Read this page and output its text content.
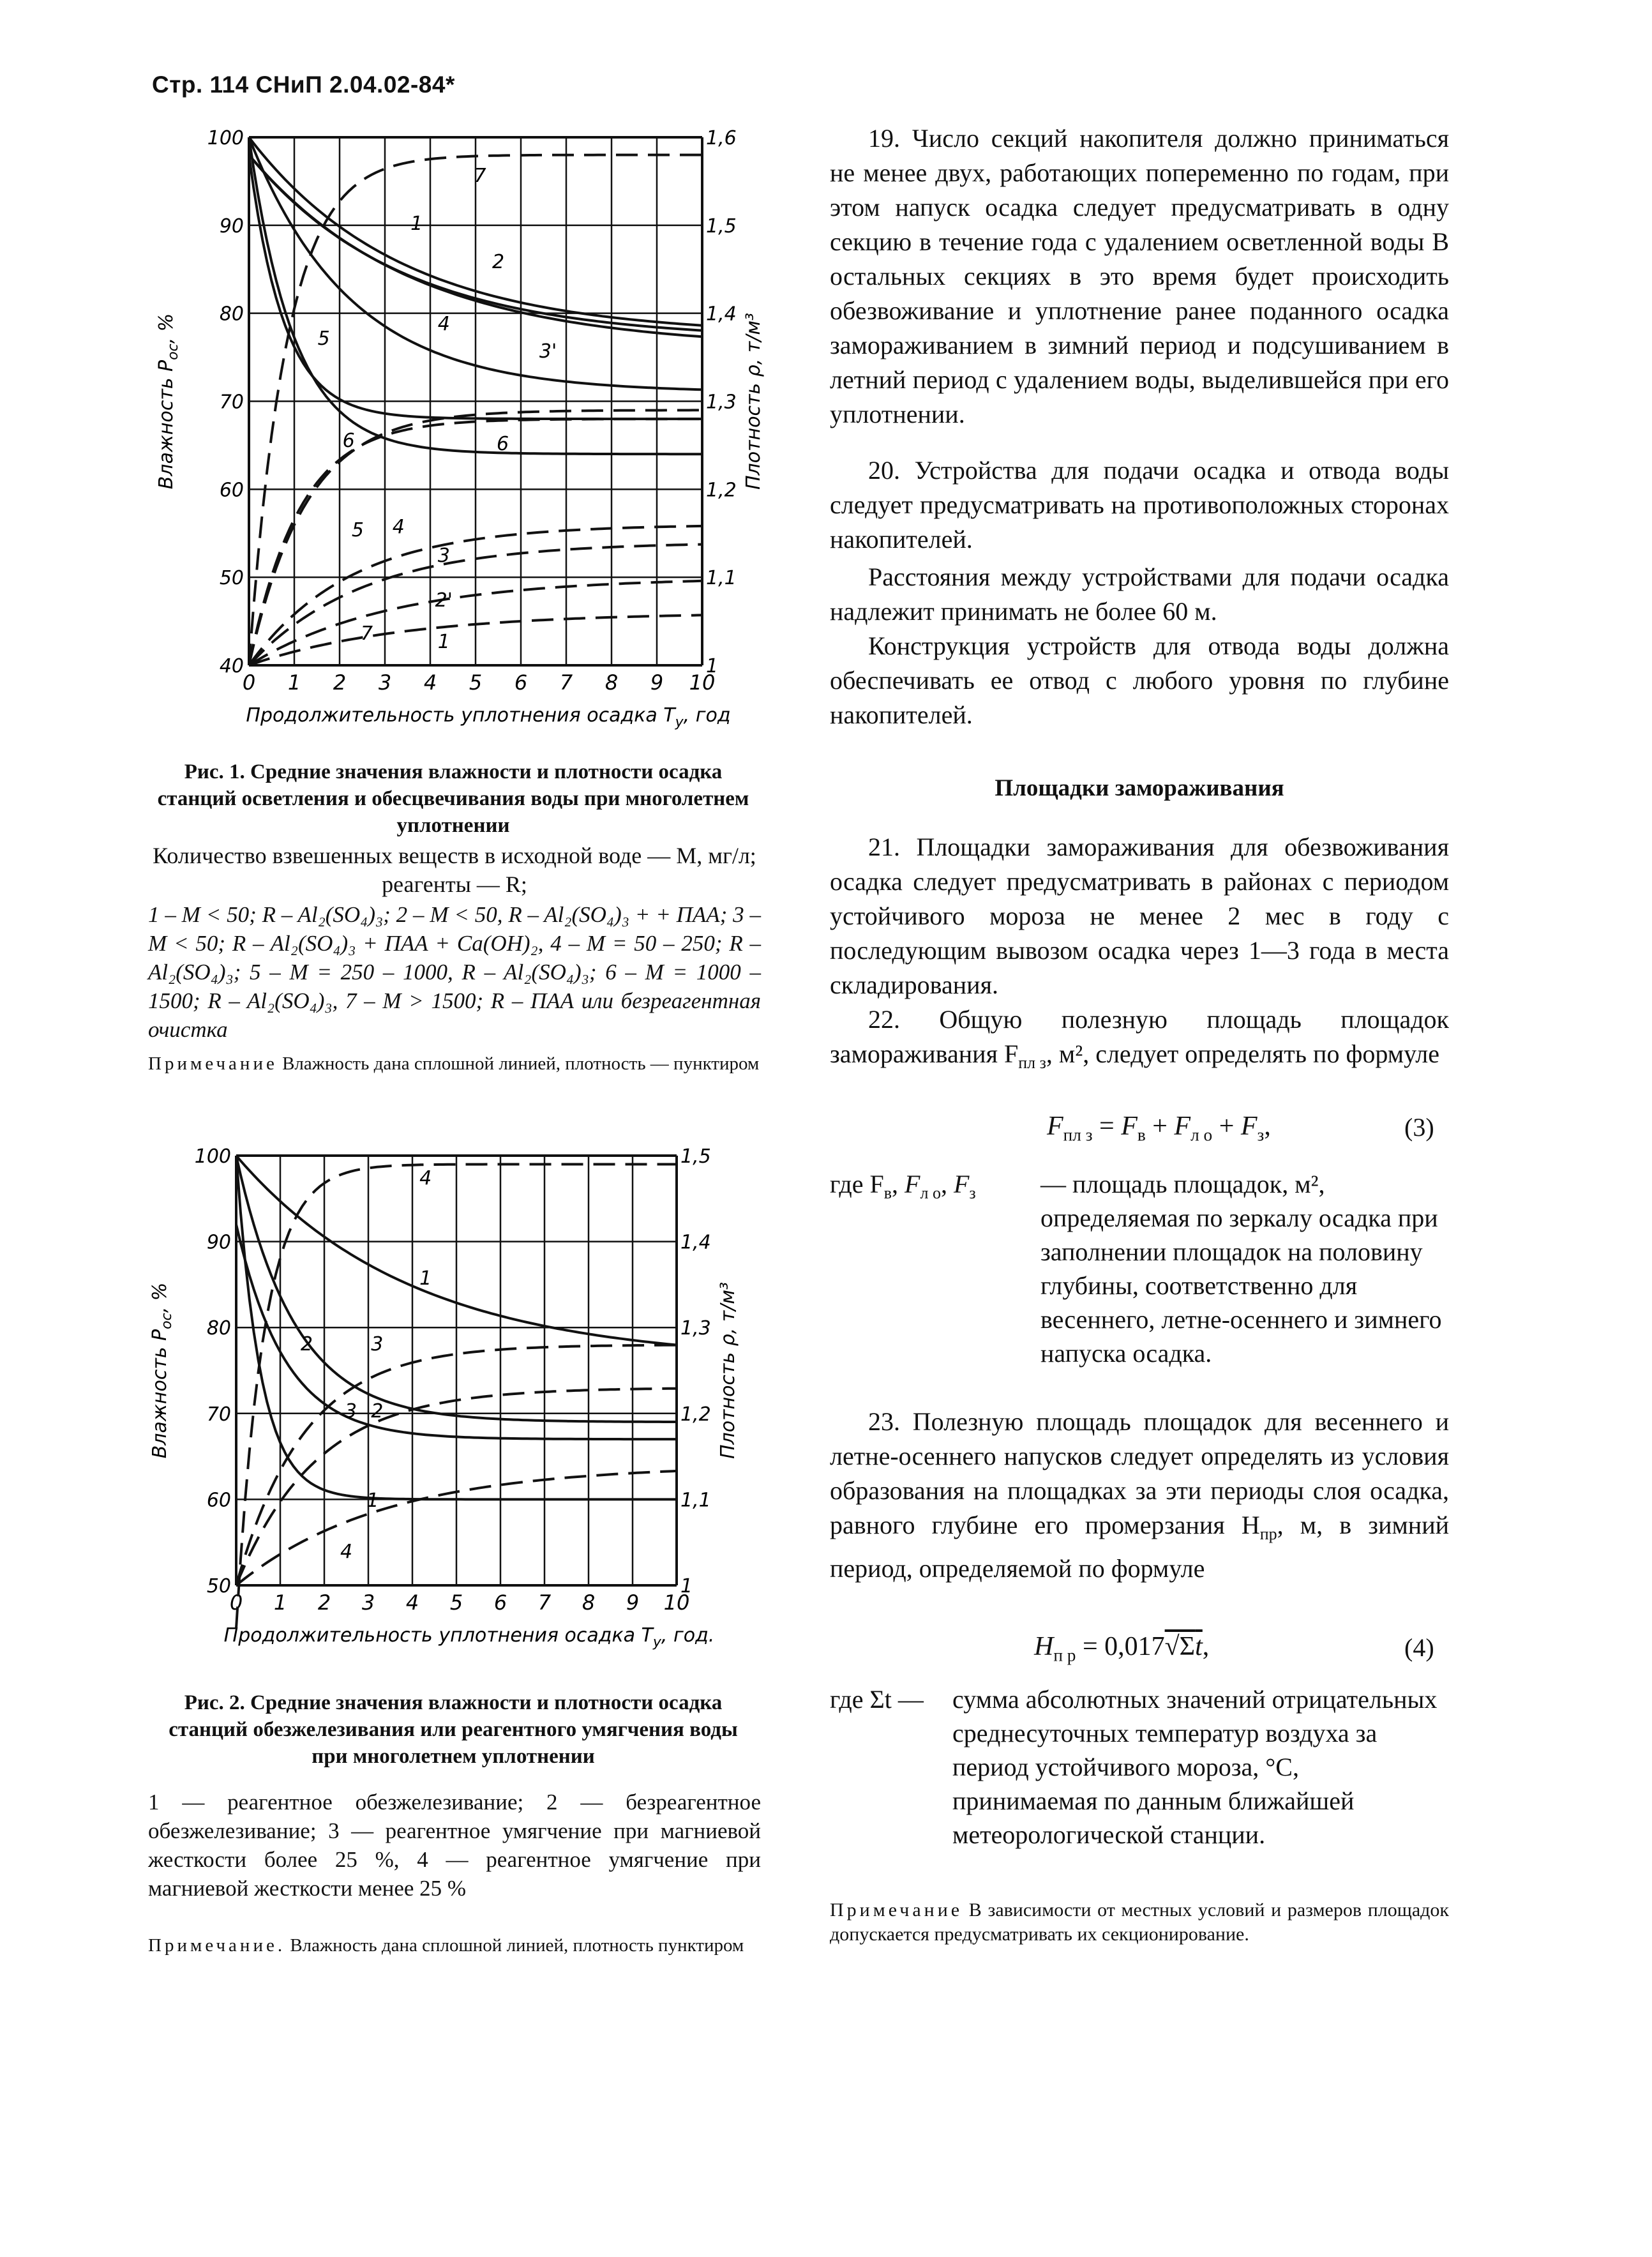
Стр. 114 СНиП 2.04.02-84*
100
90
80
70
60
50
40
1,6
1,5
1,4
1,3
1,2
1,1
1
0 1 2 3 4 5 6 7 8 9 10
Влажность $P_{ос}$, %	Плотность ρ, т/м³
Продолжительность уплотнения осадка $T_у$, год
7
1
2
4
3'
5
6	6
5 4
3
2'
1
7
Рис. 1. Средние значения влажности и плотности осадка станций осветления и обесцвечивания воды при многолетнем уплотнении
Количество взвешенных веществ в исходной воде — М, мг/л; реагенты — R;
1 – M < 50; R – Al₂(SO₄)₃; 2 – M < 50, R – Al₂(SO₄)₃ + + ПАА; 3 – M < 50; R – Al₂(SO₄)₃ + ПАА + Ca(OH)₂, 4 – M = 50 – 250; R – Al₂(SO₄)₃; 5 – M = 250 – 1000, R – Al₂(SO₄)₃; 6 – M = 1000 – 1500; R – Al₂(SO₄)₃, 7 – M > 1500; R – ПАА или безреагентная очистка
Примечание Влажность дана сплошной линией, плотность — пунктиром
100
90
80
70
60
50
1,5
1,4
1,3
1,2
1,1
1
0 1 2 3 4 5 6 7 8 9 10
Влажность $P_{ос}$, %	Плотность ρ, т/м³
Продолжительность уплотнения осадка $T_у$, год.
4
1
2	3
2
3
1
4
Рис. 2. Средние значения влажности и плотности осадка станций обезжелезивания или реагентного умягчения воды при многолетнем уплотнении
1 — реагентное обезжелезивание; 2 — безреагентное обезжелезивание; 3 — реагентное умягчение при магниевой жесткости более 25 %, 4 — реагентное умягчение при магниевой жесткости менее 25 %
Примечание. Влажность дана сплошной линией, плотность пунктиром
19. Число секций накопителя должно приниматься не менее двух, работающих попеременно по годам, при этом напуск осадка следует предусматривать в одну секцию в течение года с удалением осветленной воды В остальных секциях в это время будет происходить обезвоживание и уплотнение ранее поданного осадка замораживанием в зимний период и подсушиванием в летний период с удалением воды, выделившейся при его уплотнении.
20. Устройства для подачи осадка и отвода воды следует предусматривать на противоположных сторонах накопителей.
Расстояния между устройствами для подачи осадка надлежит принимать не более 60 м.
Конструкция устройств для отвода воды должна обеспечивать ее отвод с любого уровня по глубине накопителей.
Площадки замораживания
21. Площадки замораживания для обезвоживания осадка следует предусматривать в районах с периодом устойчивого мороза не менее 2 мес в году с последующим вывозом осадка через 1—3 года в места складирования.
22. Общую полезную площадь площадок замораживания $F_{пл з}$, м², следует определять по формуле
$F_{пл з} = F_в + F_{л о} + F_з$,	(3)
где $F_в$, $F_{л о}$, $F_з$	— площадь площадок, м², определяемая по зеркалу осадка при заполнении площадок на половину глубины, соответственно для весеннего, летне-осеннего и зимнего напуска осадка.
23. Полезную площадь площадок для весеннего и летне-осеннего напусков следует определять из условия образования на площадках за эти периоды слоя осадка, равного глубине его промерзания $H_{пр}$, м, в зимний период, определяемой по формуле
$H_{п р} = 0,017√\Sigma\overline{t}$,	(4)
где Σt — сумма абсолютных значений отрицательных среднесуточных температур воздуха за период устойчивого мороза, °С, принимаемая по данным ближайшей метеорологической станции.
Примечание В зависимости от местных условий и размеров площадок допускается предусматривать их секционирование.
